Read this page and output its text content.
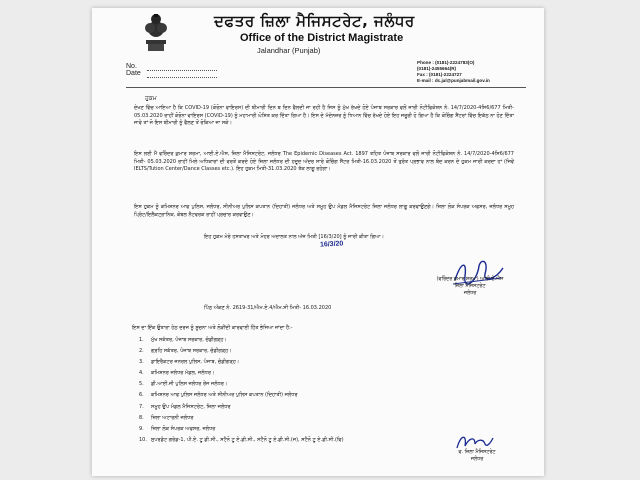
ਦਫਤਰ ਜ਼ਿਲਾ ਮੈਜਿਸਟਰੇਟ, ਜਲੰਧਰ
Office of the District Magistrate
Jalandhar (Punjab)
No.
Date
Phone : (0181)-2224783(O)
(0181)-2455664(R)
Fax : (0181)-2224727
E-mail : dc.jal@punjabmail.gov.in
ਹੁਕਮ
ਦੇਖਣ ਵਿੱਚ ਆਇਆ ਹੈ ਕਿ COVID-19 (ਕੋਰੋਨਾ ਵਾਇਰਸ) ਦੀ ਬੀਮਾਰੀ ਦਿਨ ਬ ਦਿਨ ਫੈਲਦੀ ਜਾ ਰਹੀ ਹੈ ਜਿਸ ਨੂੰ ਮੁੱਖ ਰੱਖਦੇ ਹੋਏ ਪੰਜਾਬ ਸਰਕਾਰ ਵਲੋਂ ਜਾਰੀ ਨੋਟੀਫਿਕੇਸ਼ਨ ਨੰ. 14/7/2020-4ਸਿ6/677 ਮਿਤੀ- 05.03.2020 ਰਾਹੀਂ ਕੋਰੋਨਾ ਵਾਇਰਸ (COVID-19) ਨੂੰ ਮਹਾਮਾਰੀ ਘੋਸ਼ਿਤ ਕਰ ਦਿੱਤਾ ਗਿਆ ਹੈ। ਇਸ ਦੇ ਮੱਦੇਨਜ਼ਰ ਨੂੰ ਧਿਆਨ ਵਿੱਚ ਰੱਖਦੇ ਹੋਏ ਇਹ ਜਰੂਰੀ ਹੋ ਗਿਆ ਹੈ ਕਿ ਕੋਚਿੰਗ ਸੈਂਟਰਾਂ ਵਿੱਚ ਇਕੱਠ ਨਾ ਹੋਣ ਦਿੱਤਾ ਜਾਵੇ ਤਾਂ ਜੋ ਇਸ ਬੀਮਾਰੀ ਨੂੰ ਫੈਲਣ ਤੋਂ ਰੋਕਿਆ ਜਾ ਸਕੇ।
ਇਸ ਲਈ ਮੈਂ ਵਰਿੰਦਰ ਕੁਮਾਰ ਸ਼ਰਮਾ, ਆਈ.ਏ.ਐਸ, ਜ਼ਿਲਾ ਮੈਜਿਸਟਰੇਟ, ਜਲੰਧਰ The Epidemic Diseases Act. 1897 ਤਹਿਤ ਪੰਜਾਬ ਸਰਕਾਰ ਵਲੋਂ ਜਾਰੀ ਨੋਟੀਫਿਕੇਸ਼ਨ ਨੰ. 14/7/2020-4ਸਿ6/677 ਮਿਤੀ- 05.03.2020 ਰਾਹੀਂ ਮਿਲੇ ਅਧਿਕਾਰਾਂ ਦੀ ਵਰਤੋਂ ਕਰਦੇ ਹੋਏ ਜ਼ਿਲਾ ਜਲੰਧਰ ਦੀ ਹਦੂਦ ਅੰਦਰ ਸਾਰੇ ਕੋਚਿੰਗ ਸੈਂਟਰ ਮਿਤੀ-16.03.2020 ਤੋਂ ਤੁਰੰਤ ਪ੍ਰਭਾਵ ਨਾਲ ਬੰਦ ਕਰਨ ਦੇ ਹੁਕਮ ਜਾਰੀ ਕਰਦਾ ਹਾਂ (ਜਿਵੇਂ IELTS/Tution Center/Dance Classes etc.). ਇਹ ਹੁਕਮ ਮਿਤੀ-31.03.2020 ਤੱਕ ਲਾਗੂ ਰਹੇਗਾ।
ਇਸ ਹੁਕਮ ਨੂੰ ਕਮਿਸ਼ਨਰ ਆਫ ਪੁਲਿਸ, ਜਲੰਧਰ, ਸੀਨੀਅਰ ਪੁਲਿਸ ਕਪਤਾਨ (ਦਿਹਾਤੀ) ਜਲੰਧਰ ਅਤੇ ਸਮੂਹ ਉਪ ਮੰਡਲ ਮੈਜਿਸਟਰੇਟ ਜ਼ਿਲਾ ਜਲੰਧਰ ਲਾਗੂ ਕਰਵਾਉਣਗੇ। ਜ਼ਿਲਾ ਲੋਕ ਸੰਪਰਕ ਅਫਸਰ, ਜਲੰਧਰ ਸਮੂਹ ਪ੍ਰਿੰਟ/ਇਲੈਕਟ੍ਰਾਨਿਕ, ਕੇਬਲ ਨੈਟਵਰਕ ਰਾਹੀਂ ਪ੍ਰਚਾਰ ਕਰਵਾਉਣ।
ਇਹ ਹੁਕਮ ਮੇਰੇ ਹਸਤਾਖਰ ਅਤੇ ਮੋਹਰ ਅਦਾਲਤ ਨਾਲ ਅੱਜ ਮਿਤੀ [16/3/20] ਨੂੰ ਜਾਰੀ ਕੀਤਾ ਗਿਆ।
16/3/20
(ਵਰਿੰਦਰ ਕੁਮਾਰ ਸ਼ਰਮਾ) ਆਈ.ਏ.ਐਸ
ਜ਼ਿਲਾ ਮੈਜਿਸਟਰੇਟ
ਜਲੰਧਰ
ਪਿੱਠ ਅੰਕਣ ਨੰ. 2619-31/ਐਮ.ਏ.4/ਐਮ.ਸੀ ਮਿਤੀ- 16.03.2020
ਇਸ ਦਾ ਇੱਕ ਉਤਾਰਾ ਹੇਠ ਦਰਜ ਨੂੰ ਸੂਚਨਾ ਅਤੇ ਲੋੜੀਂਦੀ ਕਾਰਵਾਈ ਹਿੱਤ ਭੇਜਿਆ ਜਾਂਦਾ ਹੈ:-
1. ਮੁੱਖ ਸਕੱਤਰ, ਪੰਜਾਬ ਸਰਕਾਰ, ਚੰਡੀਗੜ੍ਹ।
2. ਗ੍ਰਹਿ ਸਕੱਤਰ, ਪੰਜਾਬ ਸਰਕਾਰ, ਚੰਡੀਗੜ੍ਹ।
3. ਡਾਇਰੈਕਟਰ ਜਨਰਲ ਪੁਲਿਸ, ਪੰਜਾਬ, ਚੰਡੀਗੜ੍ਹ।
4. ਕਮਿਸ਼ਨਰ ਜਲੰਧਰ ਮੰਡਲ, ਜਲੰਧਰ।
5. ਡੀ.ਆਈ.ਜੀ ਪੁਲਿਸ ਜਲੰਧਰ ਰੇਂਜ ਜਲੰਧਰ।
6. ਕਮਿਸ਼ਨਰ ਆਫ ਪੁਲਿਸ ਜਲੰਧਰ ਅਤੇ ਸੀਨੀਅਰ ਪੁਲਿਸ ਕਪਤਾਨ (ਦਿਹਾਤੀ) ਜਲੰਧਰ
7. ਸਮੂਹ ਉਪ ਮੰਡਲ ਮੈਜਿਸਟਰੇਟ, ਜ਼ਿਲਾ ਜਲੰਧਰ
8. ਜ਼ਿਲਾ ਅਟਾਰਨੀ ਜਲੰਧਰ
9. ਜ਼ਿਲਾ ਲੋਕ ਸੰਪਰਕ ਅਫਸਰ, ਜਲੰਧਰ
10. ਸੁਪਰਡੰਟ ਗਰੇਡ-1, ਪੀ.ਏ. ਟੂ ਡੀ.ਸੀ., ਸਟੈਨੋ ਟੂ ਏ.ਡੀ.ਸੀ., ਸਟੈਨੋ ਟੂ ਏ.ਡੀ.ਸੀ.(ਜ), ਸਟੈਨੋ ਟੂ ਏ.ਡੀ.ਸੀ.(ਵਿ)
ਵ. ਜ਼ਿਲਾ ਮੈਜਿਸਟਰੇਟ
ਜਲੰਧਰ
